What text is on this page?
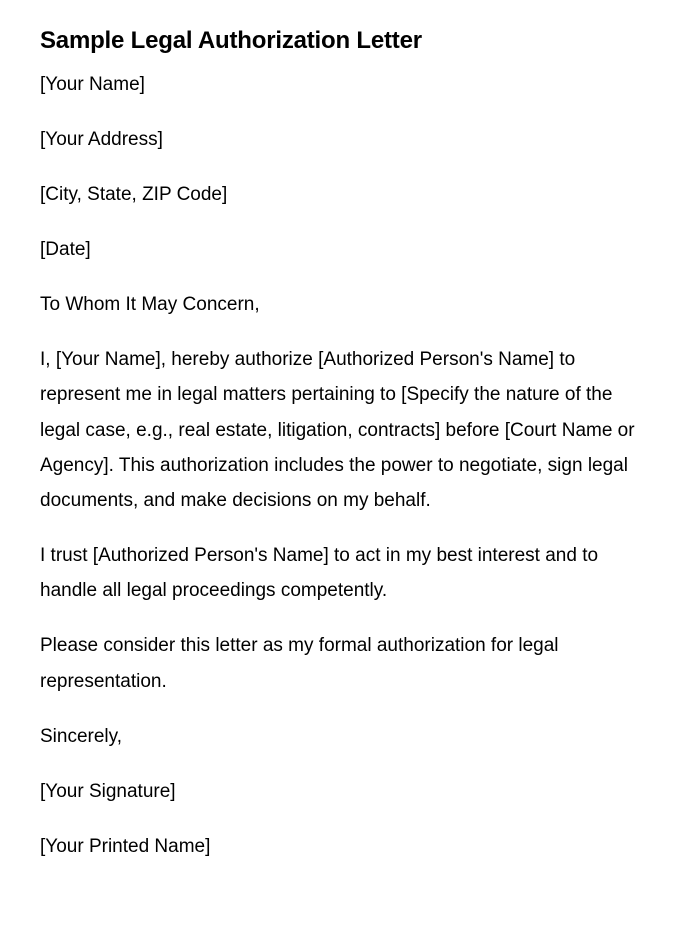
Sample Legal Authorization Letter

[Your Name]

[Your Address]

[City, State, ZIP Code]

[Date]

To Whom It May Concern,

I, [Your Name], hereby authorize [Authorized Person's Name] to represent me in legal matters pertaining to [Specify the nature of the legal case, e.g., real estate, litigation, contracts] before [Court Name or Agency]. This authorization includes the power to negotiate, sign legal documents, and make decisions on my behalf.

I trust [Authorized Person's Name] to act in my best interest and to handle all legal proceedings competently.

Please consider this letter as my formal authorization for legal representation.

Sincerely,

[Your Signature]

[Your Printed Name]
